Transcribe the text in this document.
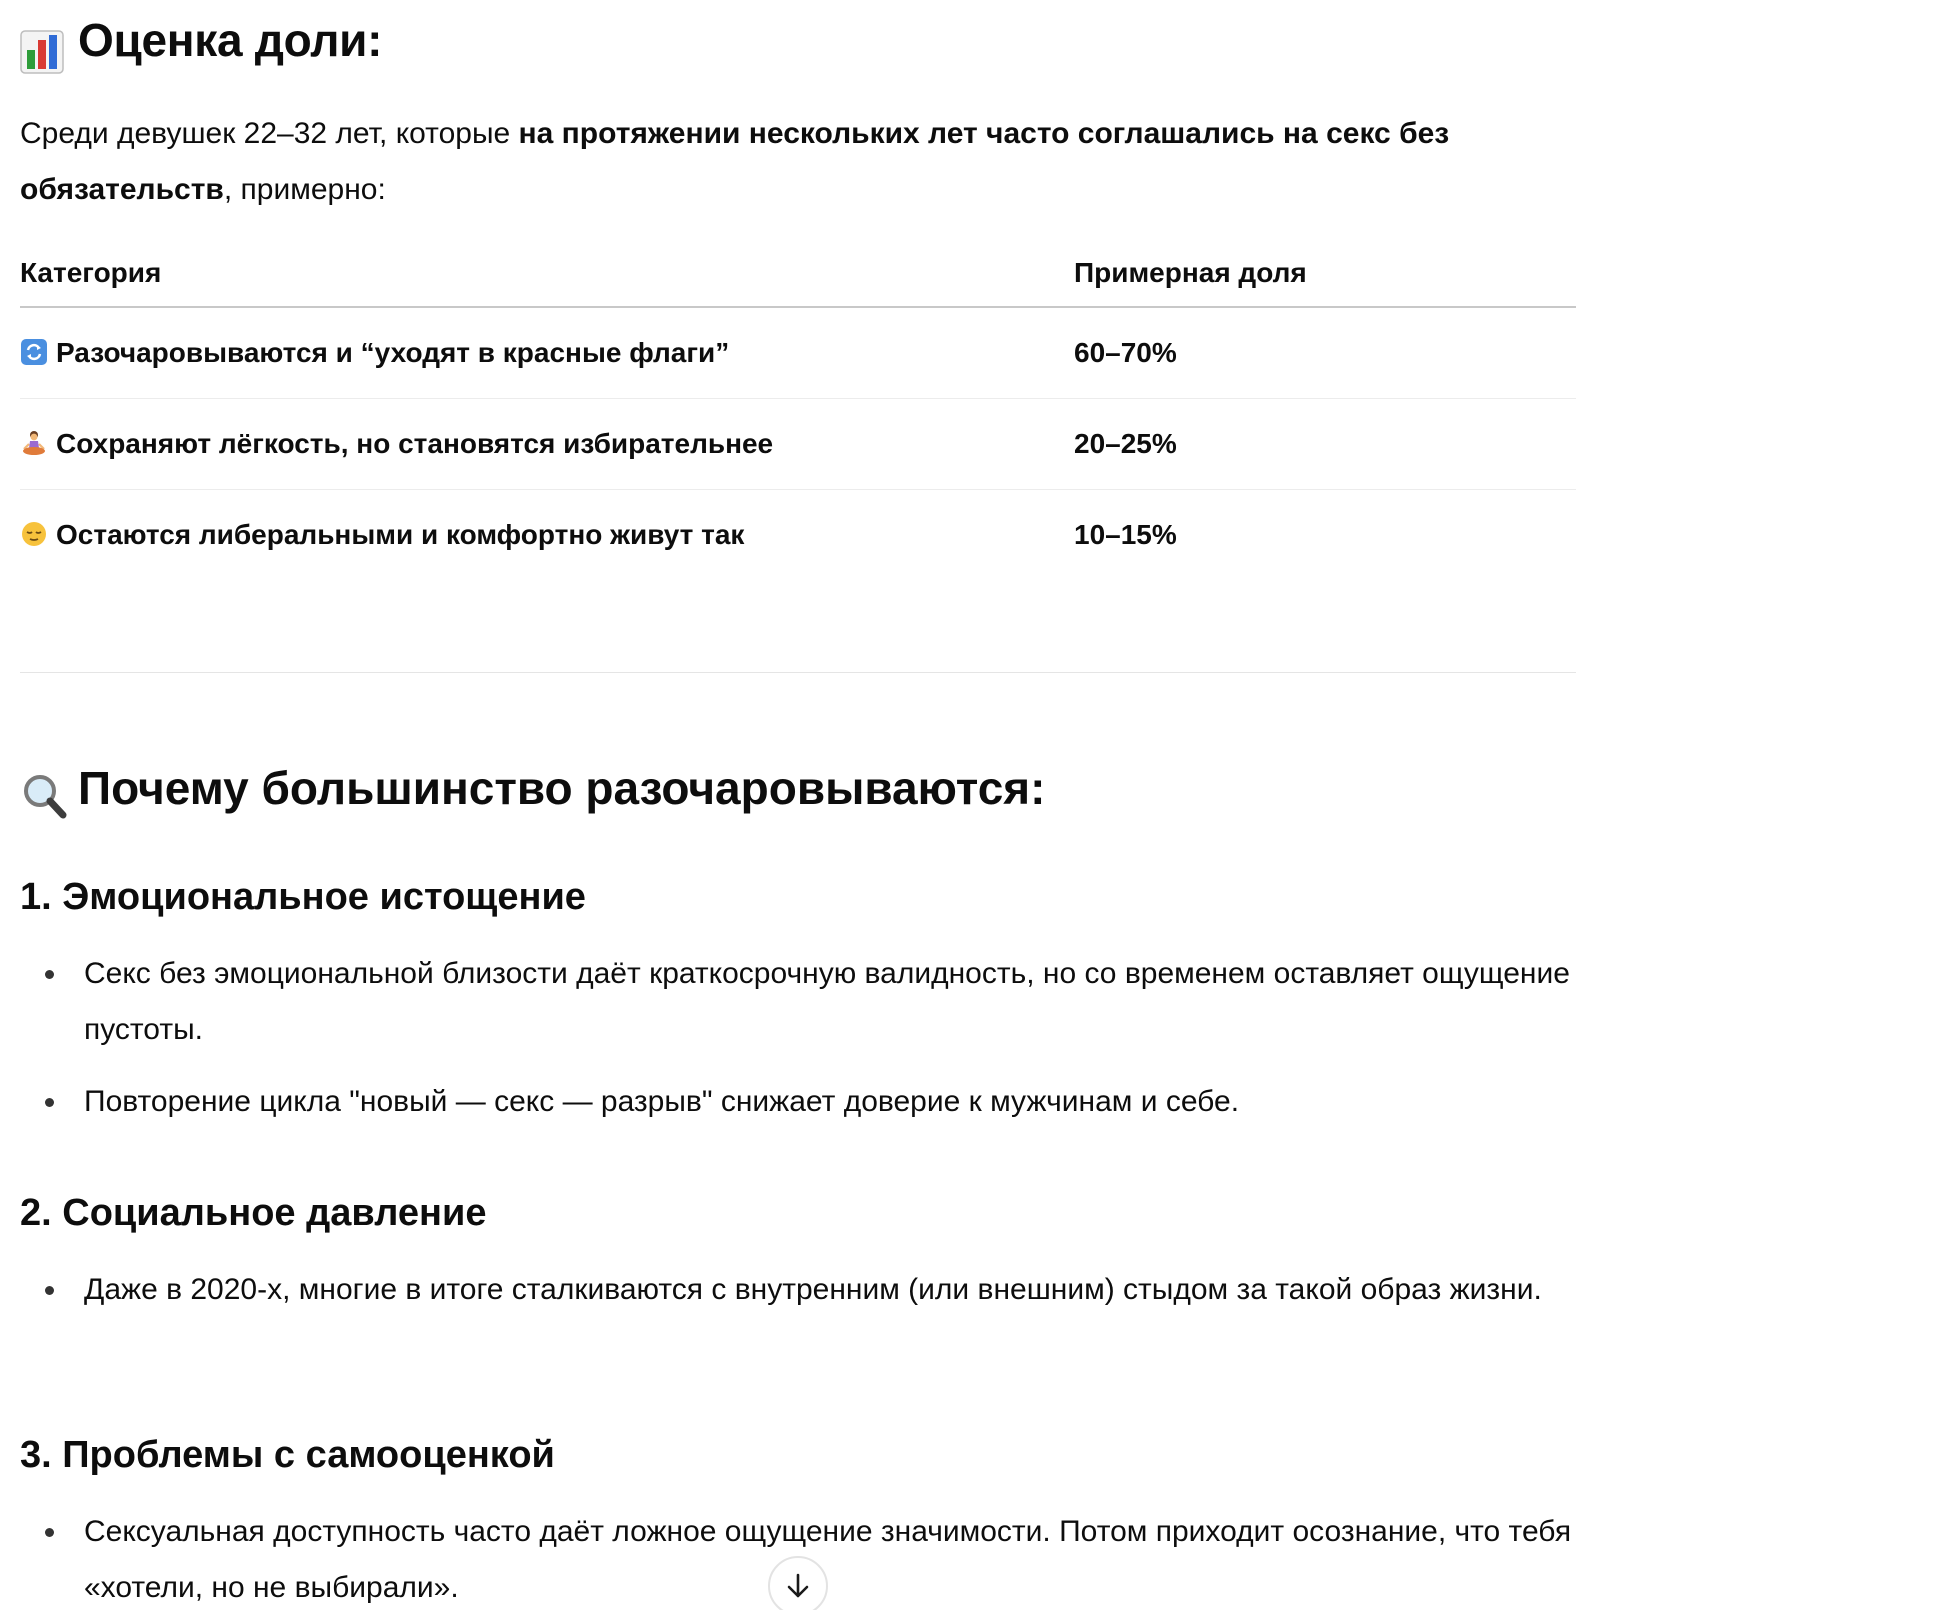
Оценка доли:

Среди девушек 22–32 лет, которые на протяжении нескольких лет часто соглашались на секс без обязательств, примерно:

Категория	Примерная доля
Разочаровываются и “уходят в красные флаги”	60–70%
Сохраняют лёгкость, но становятся избирательнее	20–25%
Остаются либеральными и комфортно живут так	10–15%
Почему большинство разочаровываются:
1. Эмоциональное истощение
Секс без эмоциональной близости даёт краткосрочную валидность, но со временем оставляет ощущение пустоты.
Повторение цикла "новый — секс — разрыв" снижает доверие к мужчинам и себе.
2. Социальное давление
Даже в 2020-х, многие в итоге сталкиваются с внутренним (или внешним) стыдом за такой образ жизни.
3. Проблемы с самооценкой
Сексуальная доступность часто даёт ложное ощущение значимости. Потом приходит осознание, что тебя «хотели, но не выбирали».
